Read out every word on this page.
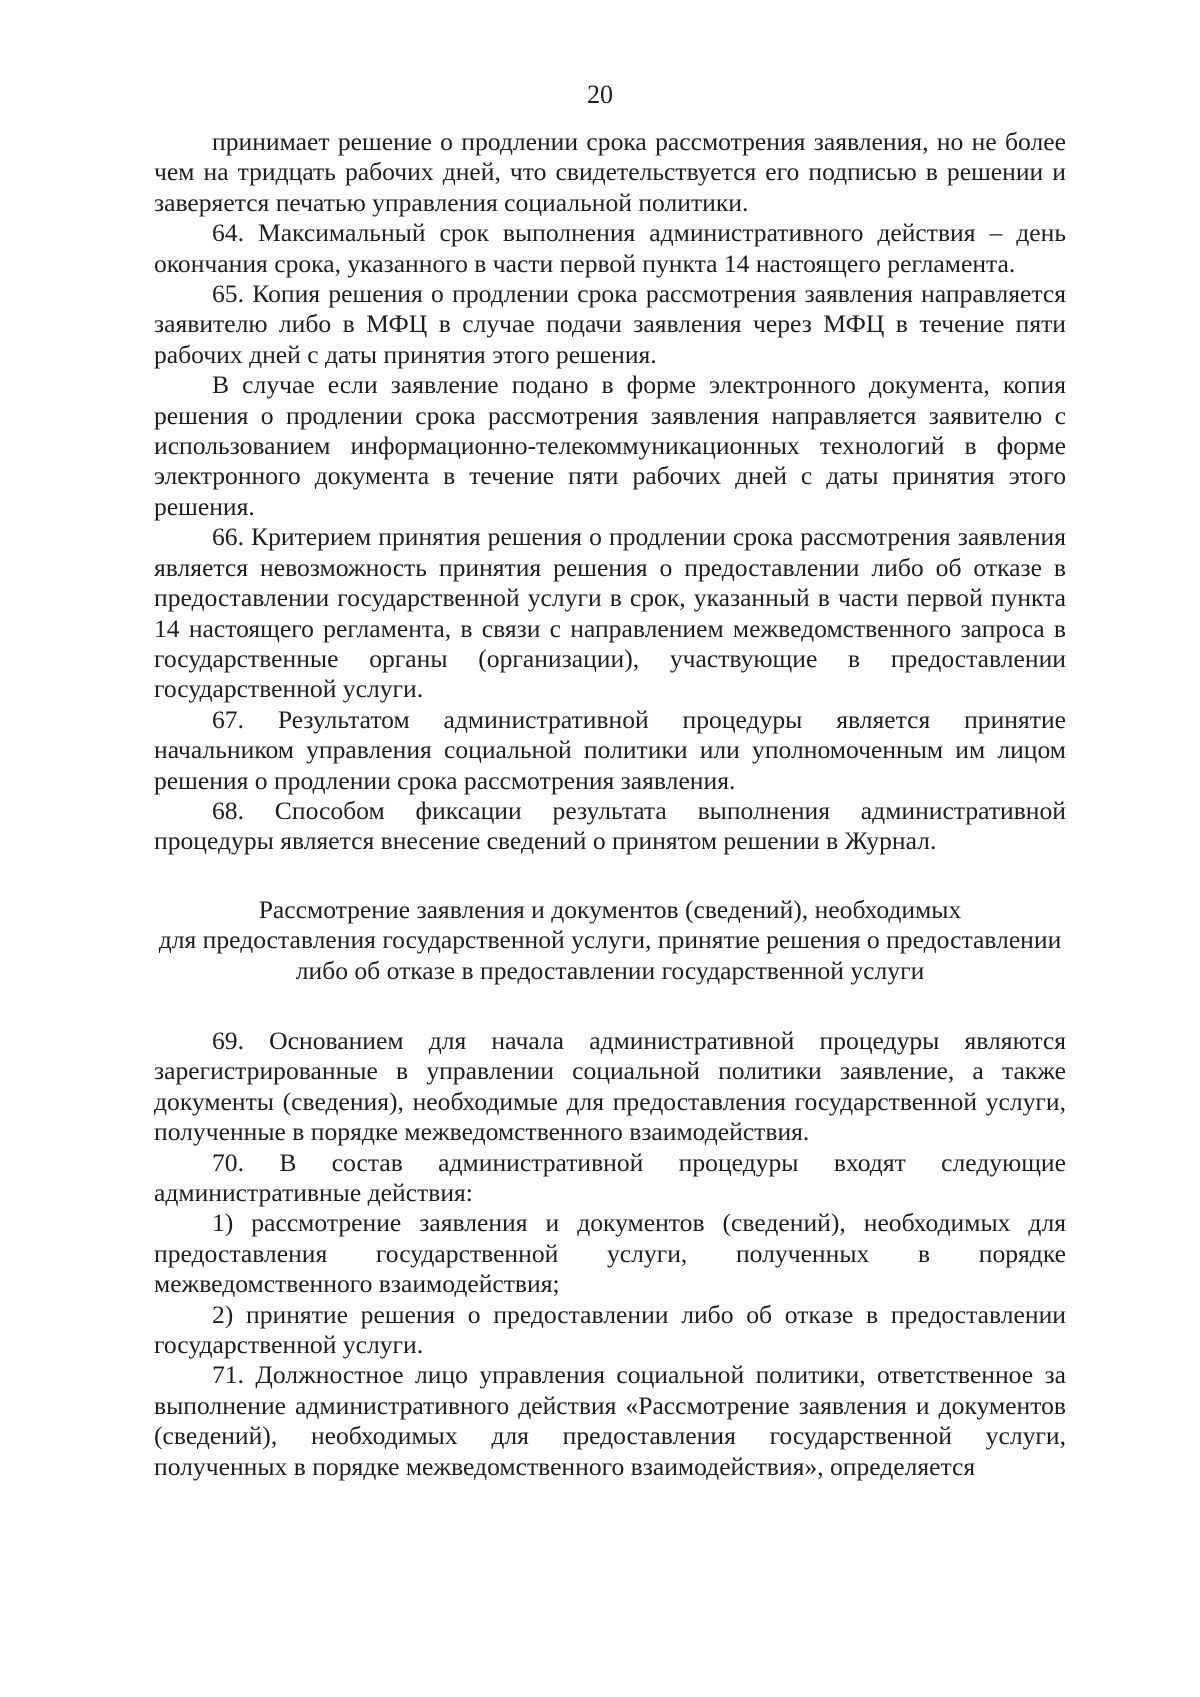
20

принимает решение о продлении срока рассмотрения заявления, но не более чем на тридцать рабочих дней, что свидетельствуется его подписью в решении и заверяется печатью управления социальной политики.

64. Максимальный срок выполнения административного действия – день окончания срока, указанного в части первой пункта 14 настоящего регламента.

65. Копия решения о продлении срока рассмотрения заявления направляется заявителю либо в МФЦ в случае подачи заявления через МФЦ в течение пяти рабочих дней с даты принятия этого решения.

В случае если заявление подано в форме электронного документа, копия решения о продлении срока рассмотрения заявления направляется заявителю с использованием информационно-телекоммуникационных технологий в форме электронного документа в течение пяти рабочих дней с даты принятия этого решения.

66. Критерием принятия решения о продлении срока рассмотрения заявления является невозможность принятия решения о предоставлении либо об отказе в предоставлении государственной услуги в срок, указанный в части первой пункта 14 настоящего регламента, в связи с направлением межведомственного запроса в государственные органы (организации), участвующие в предоставлении государственной услуги.

67. Результатом административной процедуры является принятие начальником управления социальной политики или уполномоченным им лицом решения о продлении срока рассмотрения заявления.

68. Способом фиксации результата выполнения административной процедуры является внесение сведений о принятом решении в Журнал.

Рассмотрение заявления и документов (сведений), необходимых
для предоставления государственной услуги, принятие решения о предоставлении
либо об отказе в предоставлении государственной услуги

69. Основанием для начала административной процедуры являются зарегистрированные в управлении социальной политики заявление, а также документы (сведения), необходимые для предоставления государственной услуги, полученные в порядке межведомственного взаимодействия.

70. В состав административной процедуры входят следующие административные действия:

1) рассмотрение заявления и документов (сведений), необходимых для предоставления государственной услуги, полученных в порядке межведомственного взаимодействия;

2) принятие решения о предоставлении либо об отказе в предоставлении государственной услуги.

71. Должностное лицо управления социальной политики, ответственное за выполнение административного действия «Рассмотрение заявления и документов (сведений), необходимых для предоставления государственной услуги, полученных в порядке межведомственного взаимодействия», определяется
